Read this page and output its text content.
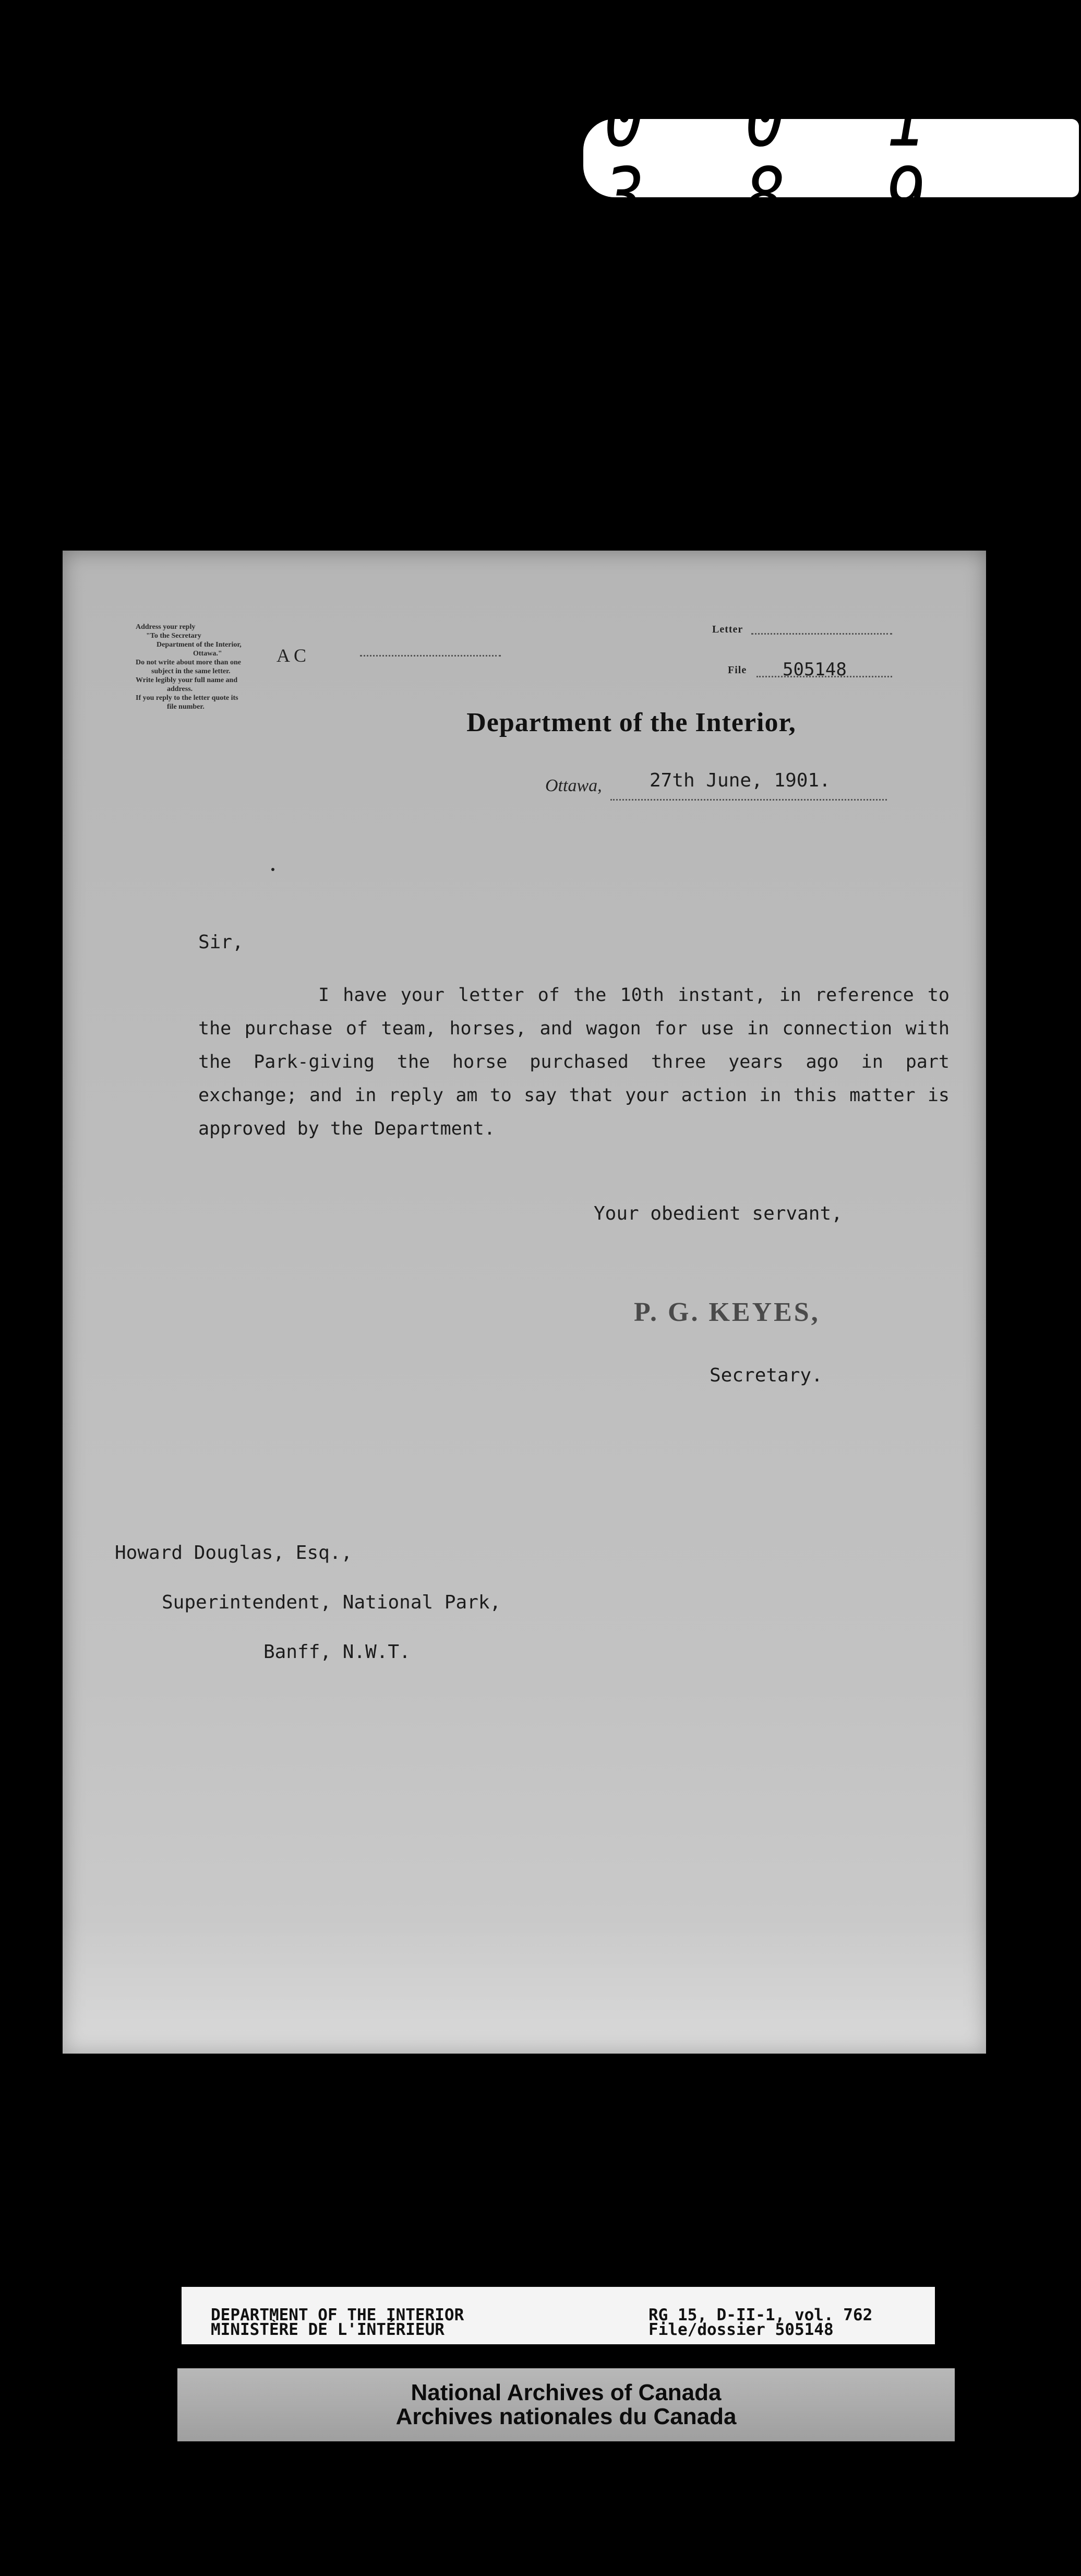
0 0 1 3 8 9
Address your reply
"To the Secretary
Department of the Interior,
Ottawa."
Do not write about more than one
subject in the same letter.
Write legibly your full name and
address.
If you reply to the letter quote its
file number.
A C
Letter
File 505148
Department of the Interior,
Ottawa,	27th June, 1901.
Sir,
I have your letter of the 10th instant, in reference to the purchase of team, horses, and wagon for use in connection with the Park-giving the horse purchased three years ago in part exchange; and in reply am to say that your action in this matter is approved by the Department.
Your obedient servant,
P. G. KEYES,
Secretary.
Howard Douglas, Esq.,
Superintendent, National Park,
Banff, N.W.T.
DEPARTMENT OF THE INTERIOR
MINISTÈRE DE L'INTÉRIEUR
RG 15, D-II-1, vol. 762
File/dossier 505148
National Archives of Canada
Archives nationales du Canada
